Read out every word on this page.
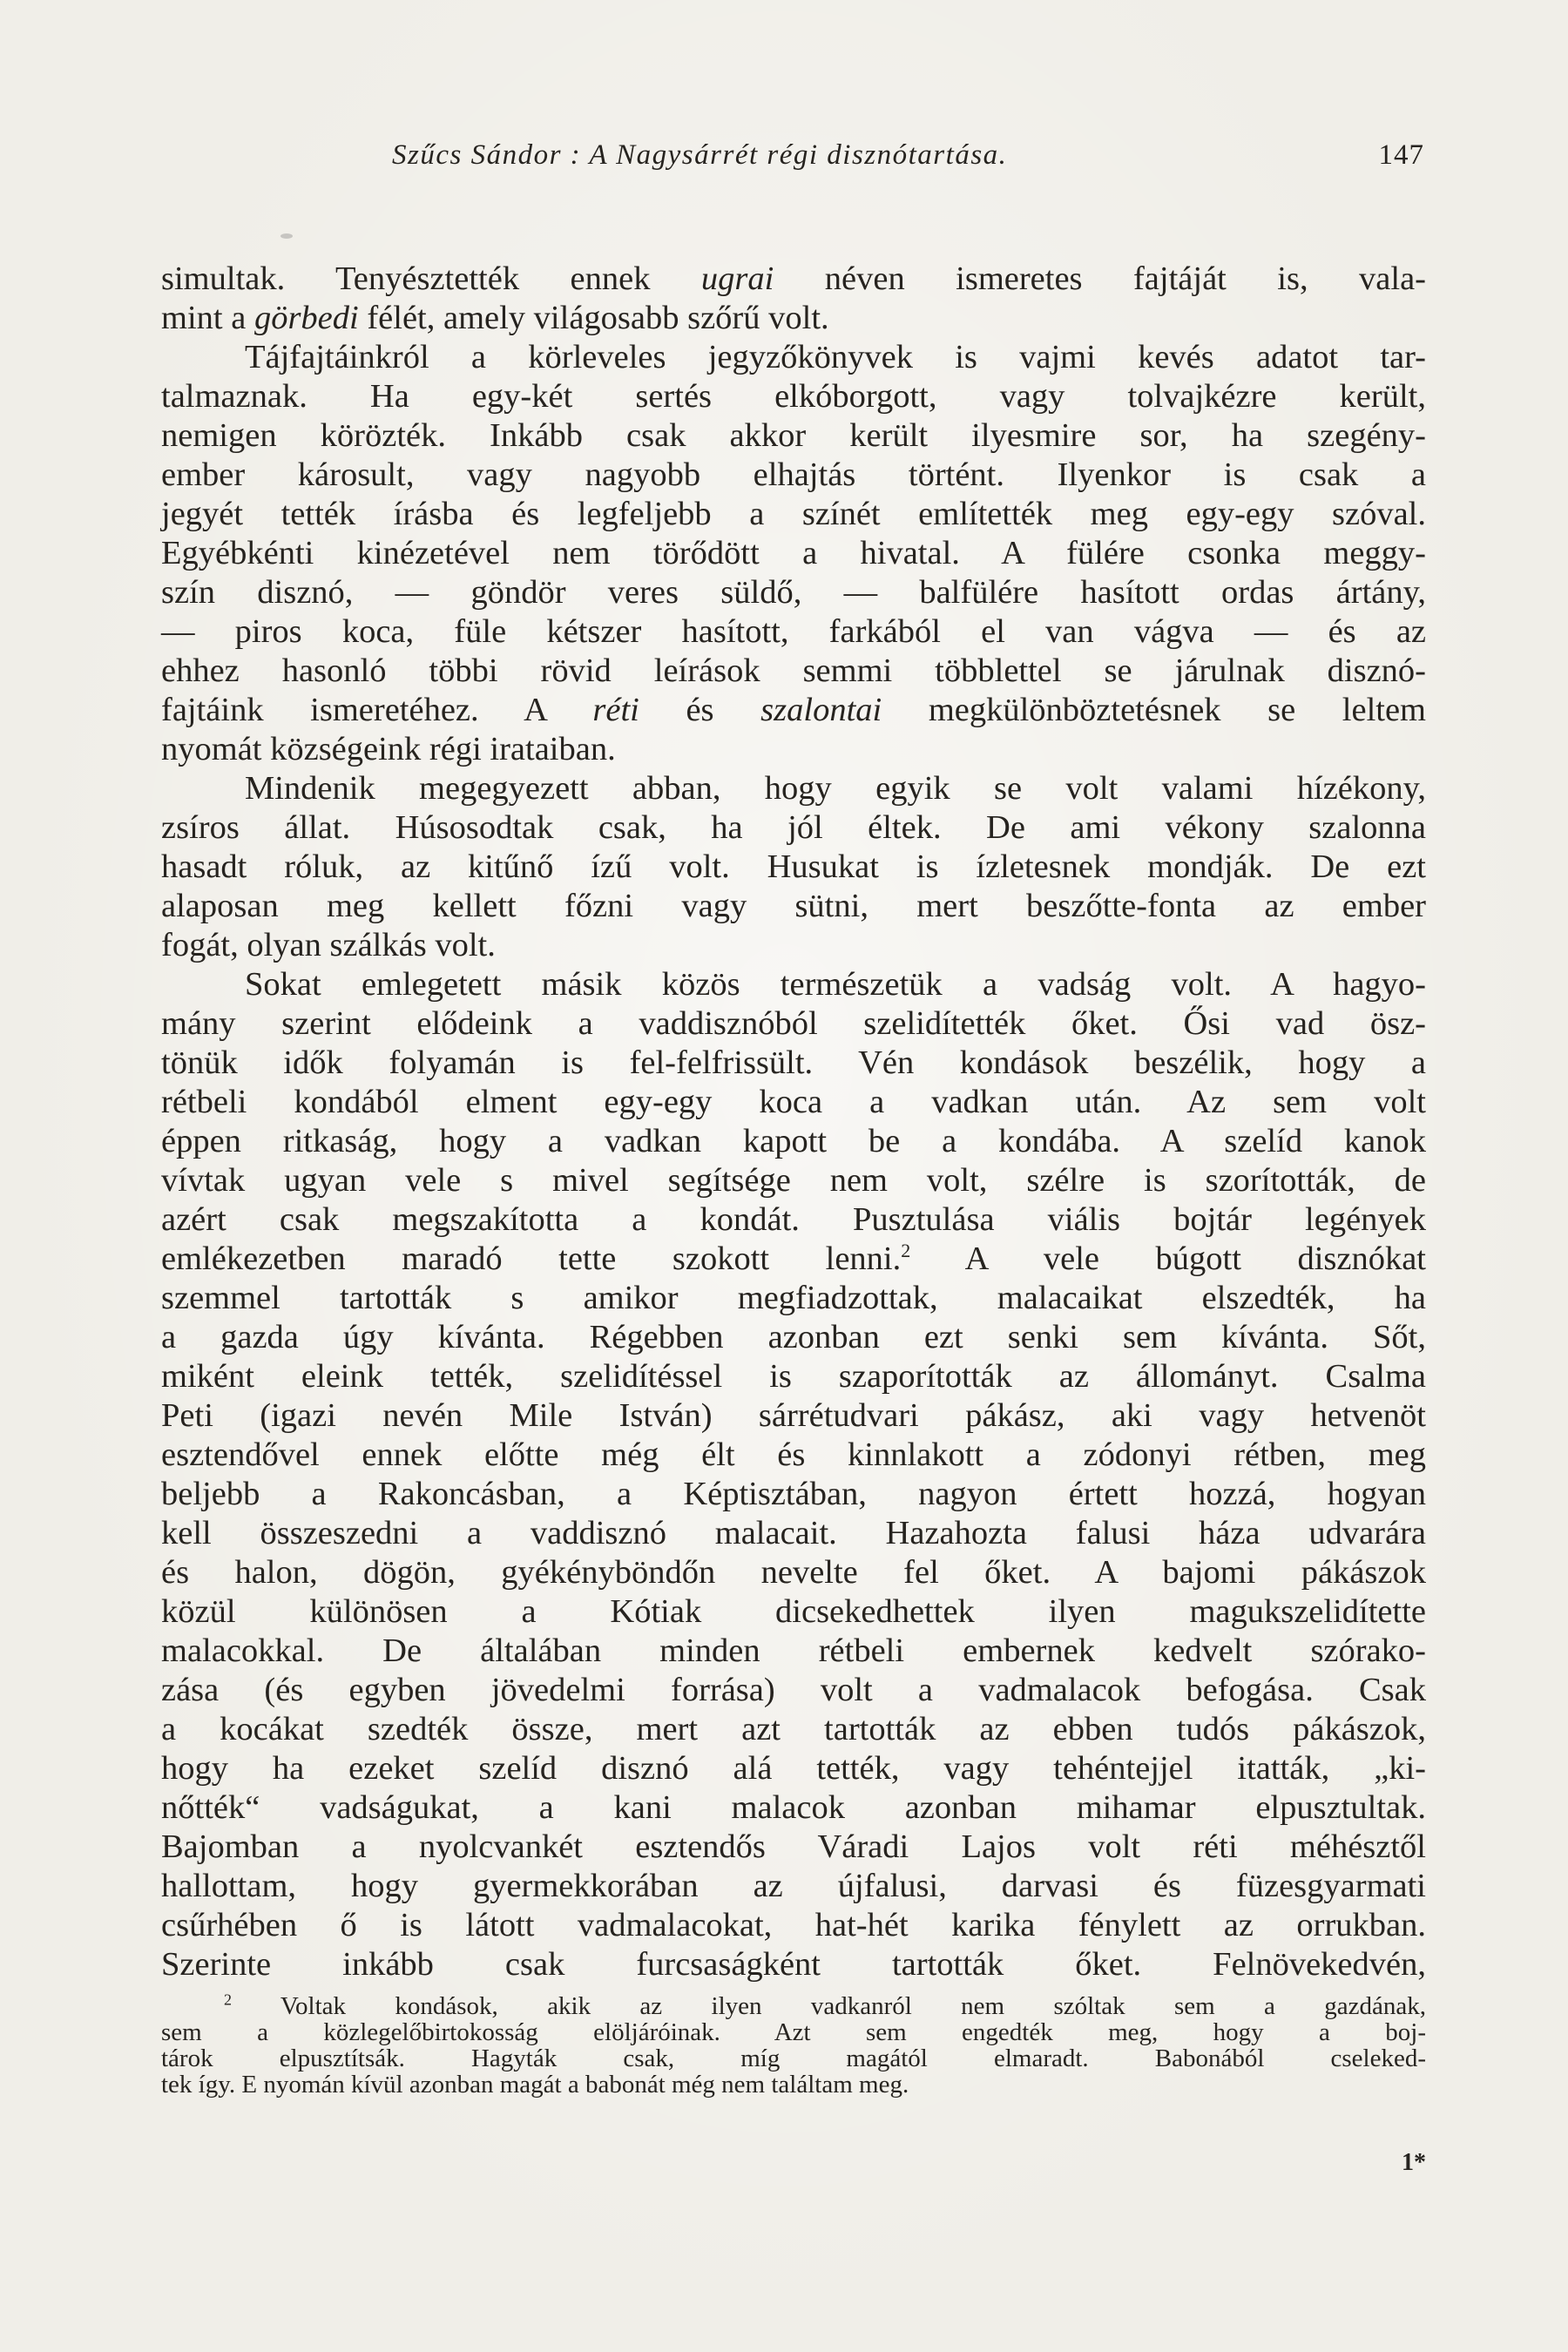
Szűcs Sándor : A Nagysárrét régi disznótartása.	147
simultak. Tenyésztették ennek ugrai néven ismeretes fajtáját is, vala-
mint a görbedi félét, amely világosabb szőrű volt.
Tájfajtáinkról a körleveles jegyzőkönyvek is vajmi kevés adatot tar-
talmaznak. Ha egy-két sertés elkóborgott, vagy tolvajkézre került,
nemigen körözték. Inkább csak akkor került ilyesmire sor, ha szegény-
ember károsult, vagy nagyobb elhajtás történt. Ilyenkor is csak a
jegyét tették írásba és legfeljebb a színét említették meg egy-egy szóval.
Egyébkénti kinézetével nem törődött a hivatal. A fülére csonka meggy-
szín disznó, — göndör veres süldő, — balfülére hasított ordas ártány,
— piros koca, füle kétszer hasított, farkából el van vágva — és az
ehhez hasonló többi rövid leírások semmi többlettel se járulnak disznó-
fajtáink ismeretéhez. A réti és szalontai megkülönböztetésnek se leltem
nyomát községeink régi irataiban.
Mindenik megegyezett abban, hogy egyik se volt valami hízékony,
zsíros állat. Húsosodtak csak, ha jól éltek. De ami vékony szalonna
hasadt róluk, az kitűnő ízű volt. Husukat is ízletesnek mondják. De ezt
alaposan meg kellett főzni vagy sütni, mert beszőtte-fonta az ember
fogát, olyan szálkás volt.
Sokat emlegetett másik közös természetük a vadság volt. A hagyo-
mány szerint elődeink a vaddisznóból szelidítették őket. Ősi vad ösz-
tönük idők folyamán is fel-felfrissült. Vén kondások beszélik, hogy a
rétbeli kondából elment egy-egy koca a vadkan után. Az sem volt
éppen ritkaság, hogy a vadkan kapott be a kondába. A szelíd kanok
vívtak ugyan vele s mivel segítsége nem volt, szélre is szorították, de
azért csak megszakította a kondát. Pusztulása viális bojtár legények
emlékezetben maradó tette szokott lenni.$^2$ A vele búgott disznókat
szemmel tartották s amikor megfiadzottak, malacaikat elszedték, ha
a gazda úgy kívánta. Régebben azonban ezt senki sem kívánta. Sőt,
miként eleink tették, szelidítéssel is szaporították az állományt. Csalma
Peti (igazi nevén Mile István) sárrétudvari pákász, aki vagy hetvenöt
esztendővel ennek előtte még élt és kinnlakott a zódonyi rétben, meg
beljebb a Rakoncásban, a Képtisztában, nagyon értett hozzá, hogyan
kell összeszedni a vaddisznó malacait. Hazahozta falusi háza udvarára
és halon, dögön, gyékényböndőn nevelte fel őket. A bajomi pákászok
közül különösen a Kótiak dicsekedhettek ilyen magukszelidítette
malacokkal. De általában minden rétbeli embernek kedvelt szórako-
zása (és egyben jövedelmi forrása) volt a vadmalacok befogása. Csak
a kocákat szedték össze, mert azt tartották az ebben tudós pákászok,
hogy ha ezeket szelíd disznó alá tették, vagy tehéntejjel itatták, „ki-
nőtték“ vadságukat, a kani malacok azonban mihamar elpusztultak.
Bajomban a nyolcvankét esztendős Váradi Lajos volt réti méhésztől
hallottam, hogy gyermekkorában az újfalusi, darvasi és füzesgyarmati
csűrhében ő is látott vadmalacokat, hat-hét karika fénylett az orrukban.
Szerinte inkább csak furcsaságként tartották őket. Felnövekedvén,
$^2$ Voltak kondások, akik az ilyen vadkanról nem szóltak sem a gazdának,
sem a közlegelőbirtokosság elöljáróinak. Azt sem engedték meg, hogy a boj-
tárok elpusztítsák. Hagyták csak, míg magától elmaradt. Babonából cseleked-
tek így. E nyomán kívül azonban magát a babonát még nem találtam meg.
1*
